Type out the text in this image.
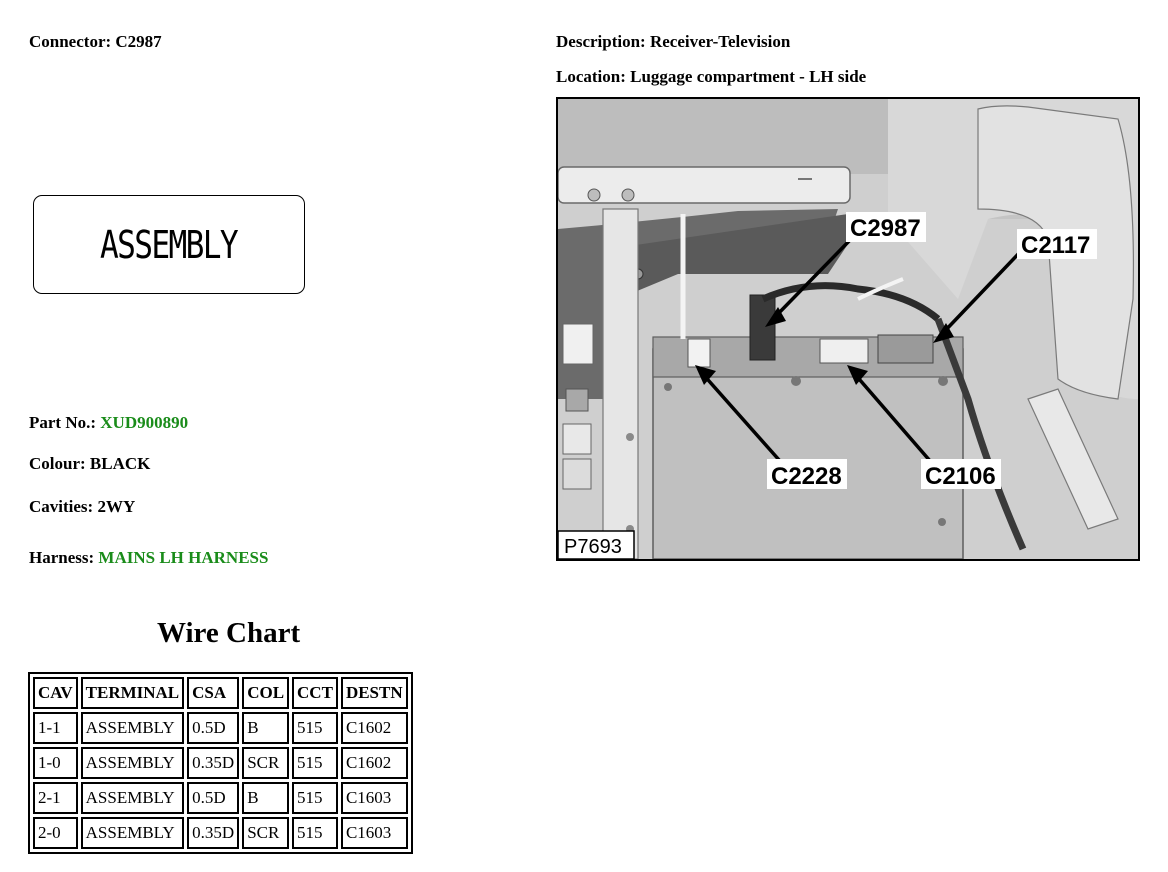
Connector: C2987	Description: Receiver-Television
Location: Luggage compartment - LH side
ASSEMBLY
Part No.: XUD900890
Colour: BLACK
Cavities: 2WY
Harness: MAINS LH HARNESS
Wire Chart
CAV	TERMINAL	CSA	COL	CCT	DESTN
1-1	ASSEMBLY	0.5D	B	515	C1602
1-0	ASSEMBLY	0.35D	SCR	515	C1602
2-1	ASSEMBLY	0.5D	B	515	C1603
2-0	ASSEMBLY	0.35D	SCR	515	C1603
C2987
C2117
C2228	C2106
P7693
